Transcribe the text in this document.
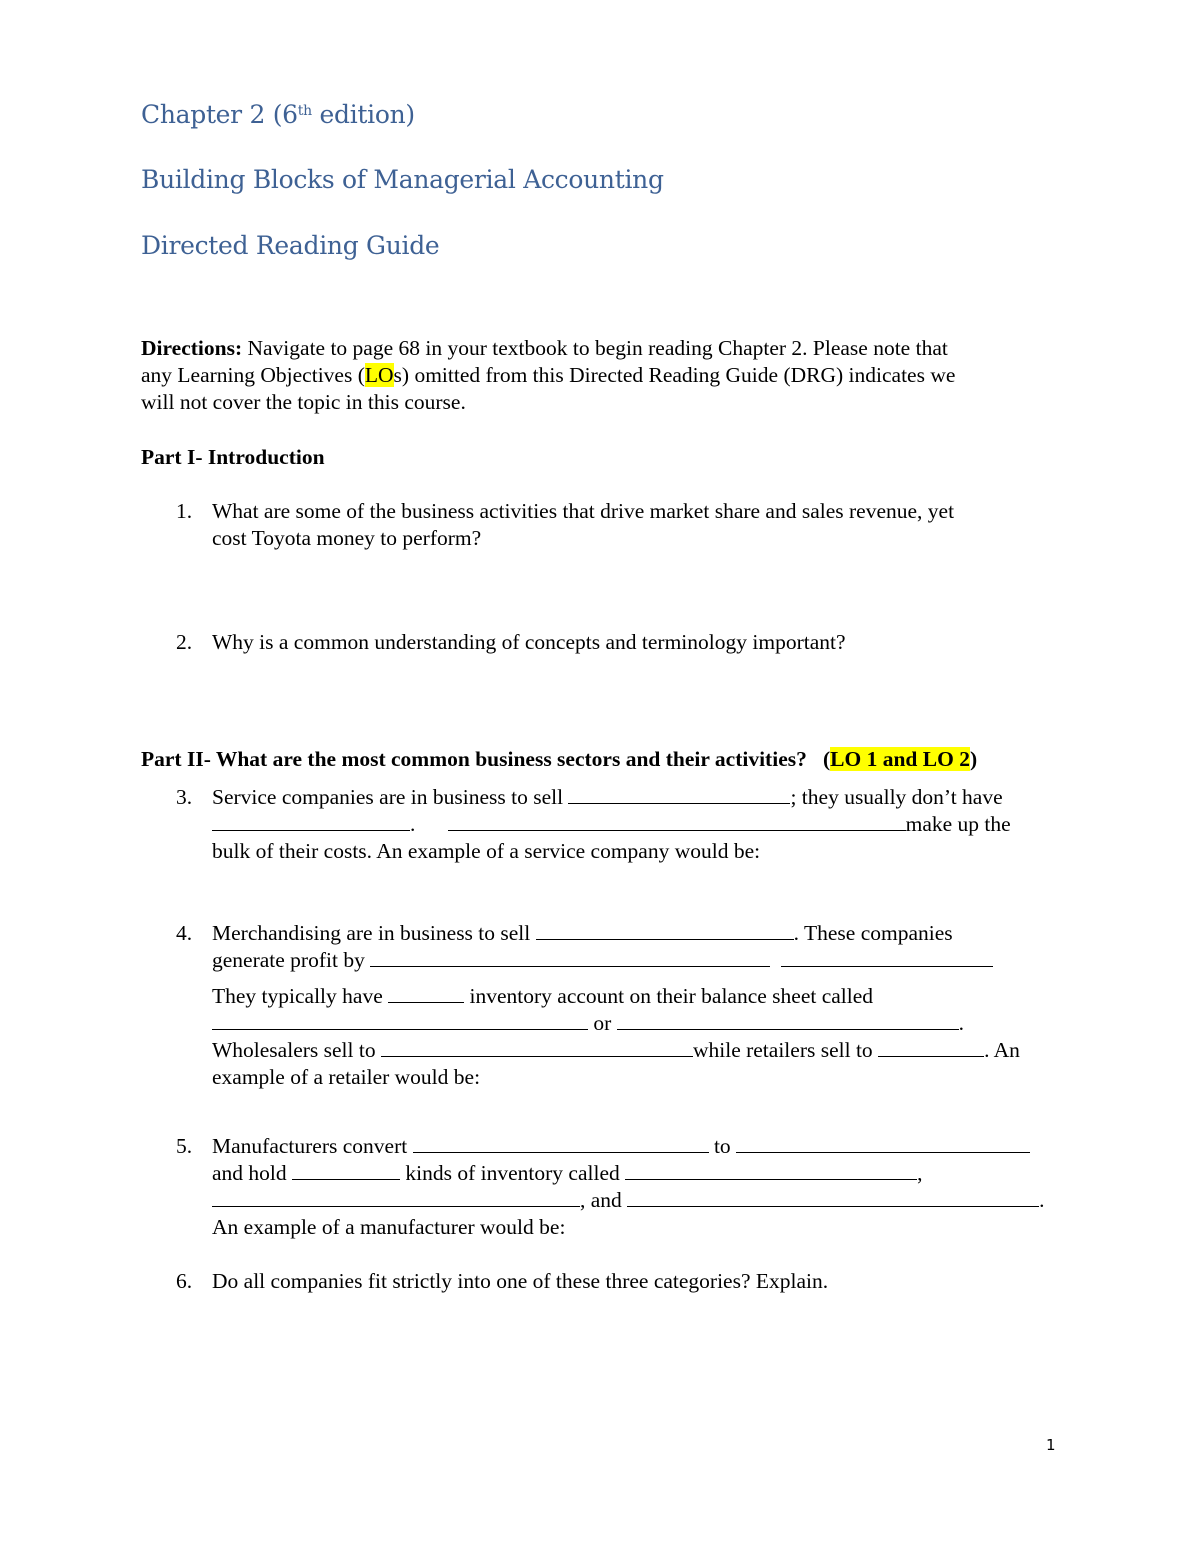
Chapter 2 (6th edition)
Building Blocks of Managerial Accounting
Directed Reading Guide
Directions: Navigate to page 68 in your textbook to begin reading Chapter 2. Please note that
any Learning Objectives (LOs) omitted from this Directed Reading Guide (DRG) indicates we
will not cover the topic in this course.
Part I- Introduction
1. What are some of the business activities that drive market share and sales revenue, yet
cost Toyota money to perform?
2. Why is a common understanding of concepts and terminology important?
Part II- What are the most common business sectors and their activities? (LO 1 and LO 2)
3. Service companies are in business to sell	; they usually don’t have
.	make up the
bulk of their costs. An example of a service company would be:
4. Merchandising are in business to sell	. These companies
generate profit by
They typically have	inventory account on their balance sheet called
or	.
Wholesalers sell to	while retailers sell to	. An
example of a retailer would be:
5. Manufacturers convert	to
and hold	kinds of inventory called	,
, and	.
An example of a manufacturer would be:
6. Do all companies fit strictly into one of these three categories? Explain.
1
